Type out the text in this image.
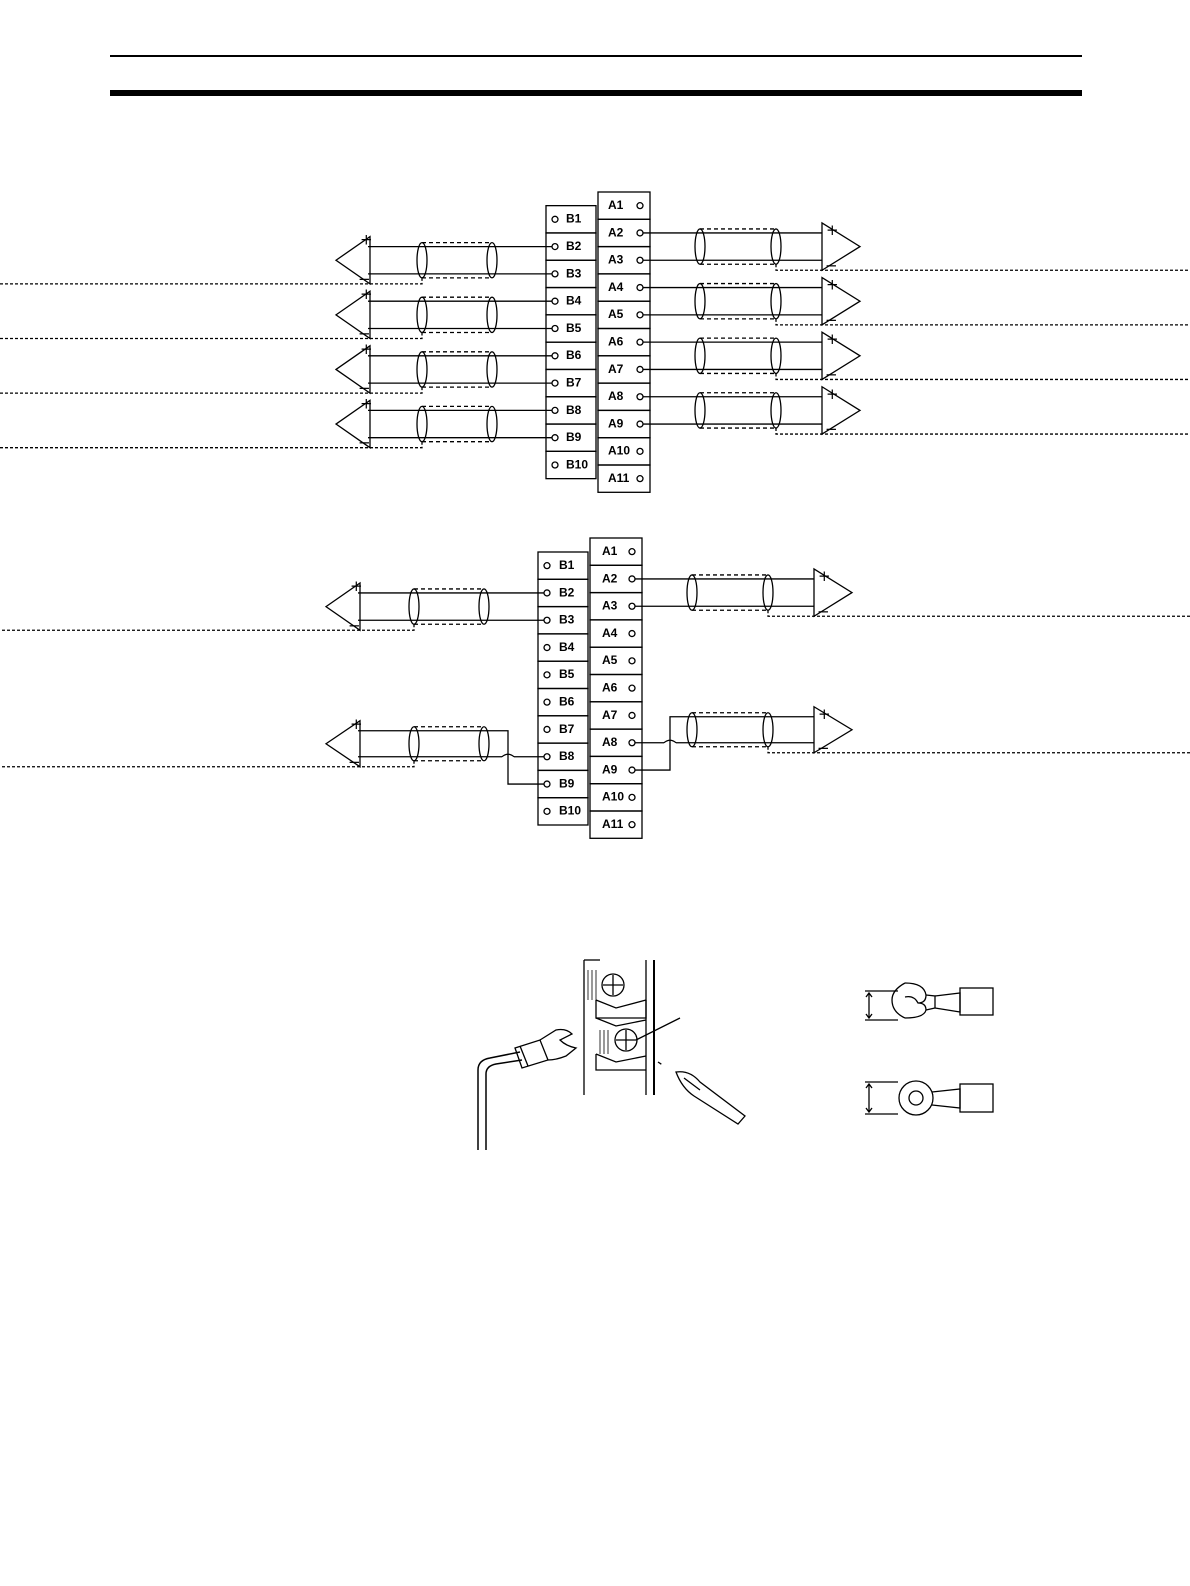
A1
A2
A3
A4
A5
A6
A7
A8
A9
A10
A11
B1
B2
B3
B4
B5
B6
B7
B8
B9
B10
+
−
+
−
+
−
+
−
+
−
+
−
+
−
+
−
A1
A2
A3
A4
A5
A6
A7
A8
A9
A10
A11
B1
B2
B3
B4
B5
B6
B7
B8
B9
B10
+
−
+
−
+
−
+
−
